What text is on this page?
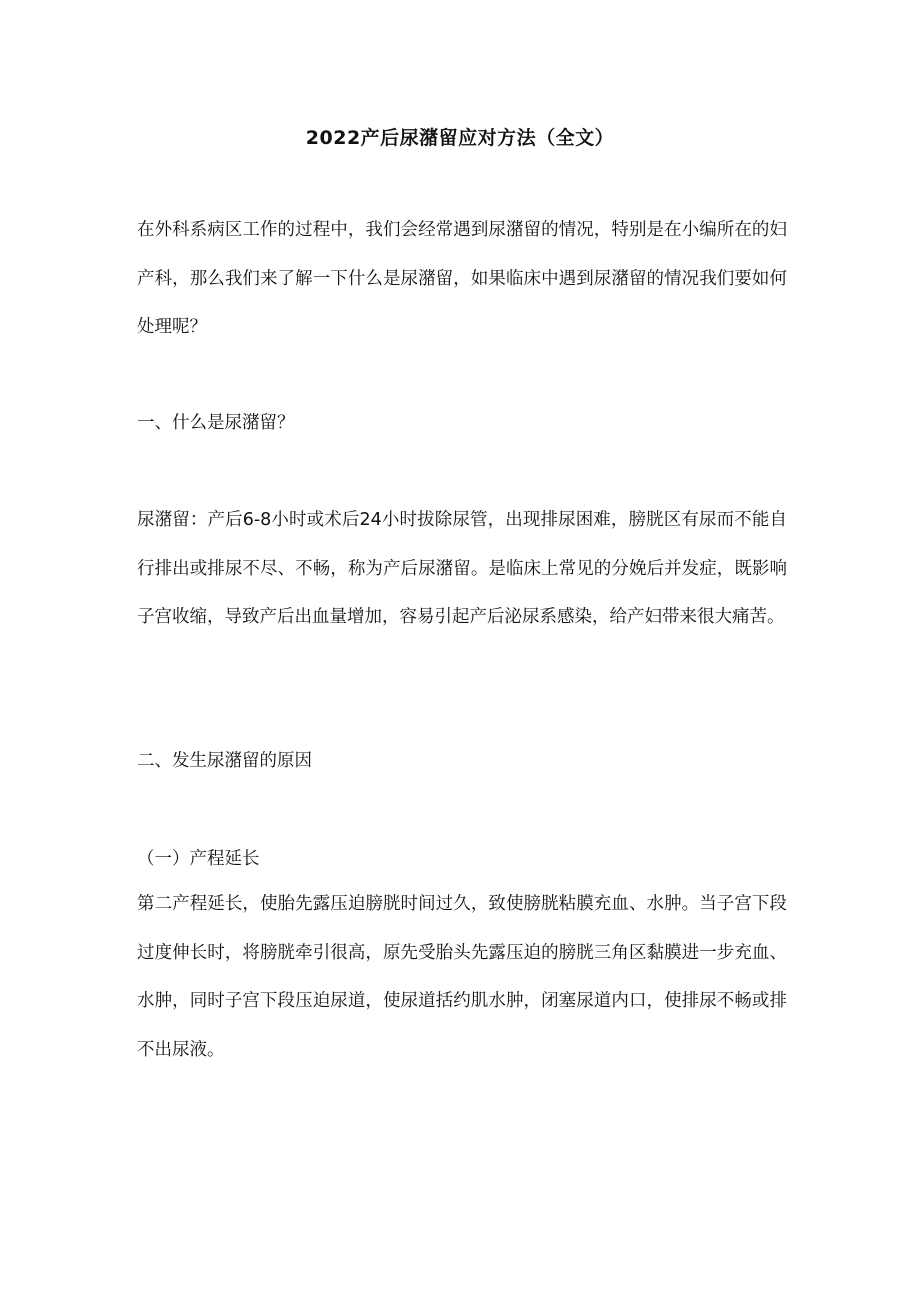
2022产后尿潴留应对方法（全文）

在外科系病区工作的过程中，我们会经常遇到尿潴留的情况，特别是在小编所在的妇产科，那么我们来了解一下什么是尿潴留，如果临床中遇到尿潴留的情况我们要如何处理呢？

一、什么是尿潴留？

尿潴留：产后6-8小时或术后24小时拔除尿管，出现排尿困难，膀胱区有尿而不能自行排出或排尿不尽、不畅，称为产后尿潴留。是临床上常见的分娩后并发症，既影响子宫收缩，导致产后出血量增加，容易引起产后泌尿系感染，给产妇带来很大痛苦。

二、发生尿潴留的原因

（一）产程延长

第二产程延长，使胎先露压迫膀胱时间过久，致使膀胱粘膜充血、水肿。当子宫下段过度伸长时，将膀胱牵引很高，原先受胎头先露压迫的膀胱三角区黏膜进一步充血、水肿，同时子宫下段压迫尿道，使尿道括约肌水肿，闭塞尿道内口，使排尿不畅或排不出尿液。
